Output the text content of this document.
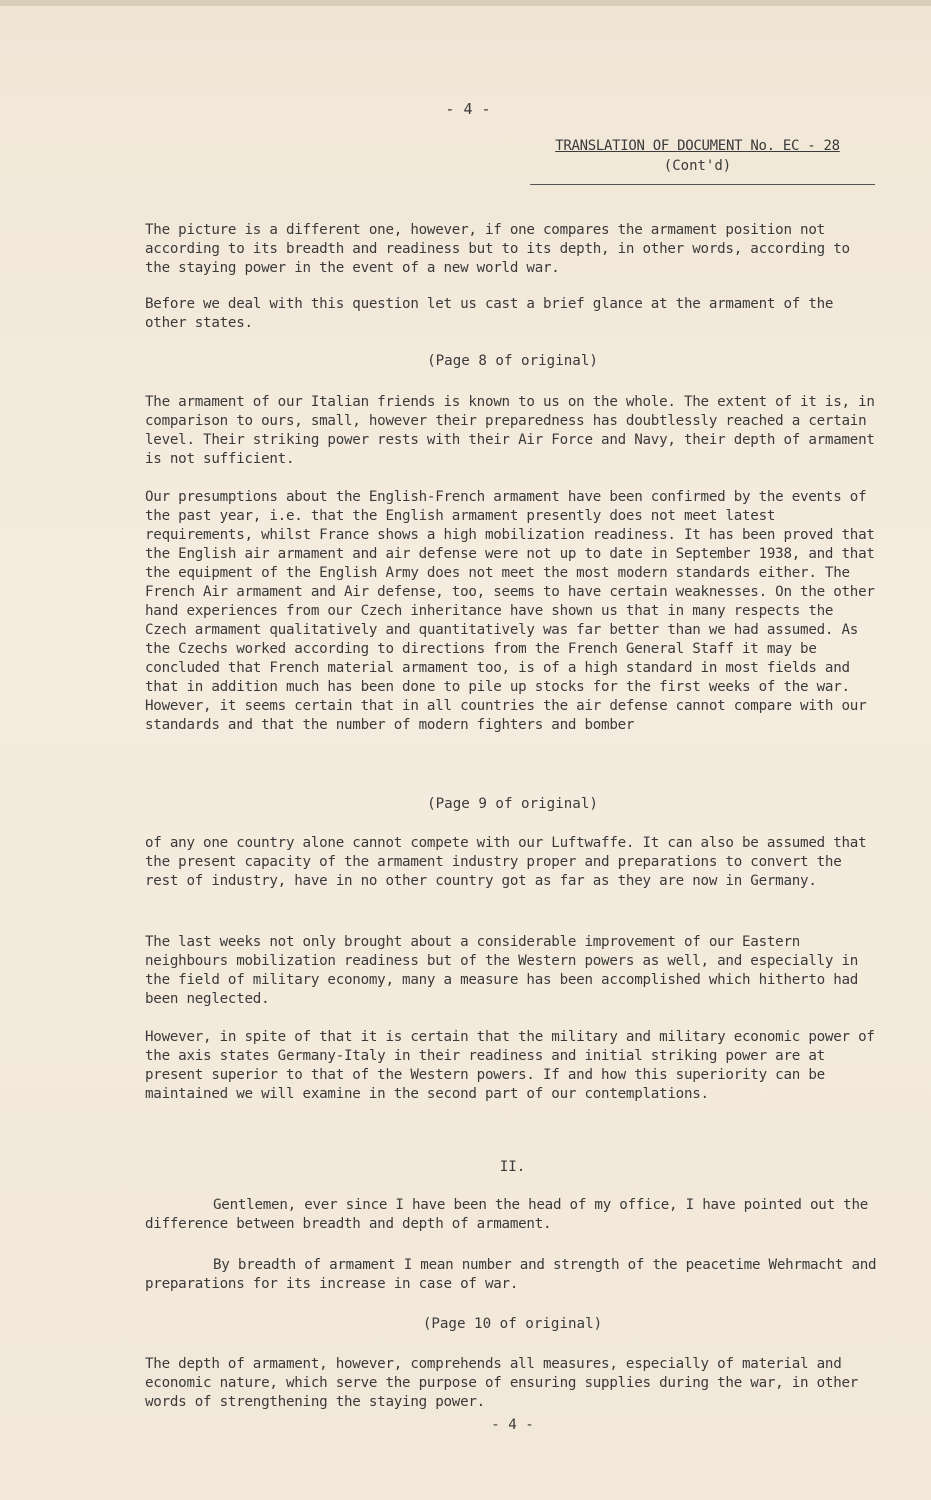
- 4 -
TRANSLATION OF DOCUMENT No. EC - 28
(Cont'd)

The picture is a different one, however, if one compares the armament position not according to its breadth and readiness but to its depth, in other words, according to the staying power in the event of a new world war.

Before we deal with this question let us cast a brief glance at the armament of the other states.

(Page 8 of original)

The armament of our Italian friends is known to us on the whole. The extent of it is, in comparison to ours, small, however their preparedness has doubtlessly reached a certain level. Their striking power rests with their Air Force and Navy, their depth of armament is not sufficient.

Our presumptions about the English-French armament have been confirmed by the events of the past year, i.e. that the English armament presently does not meet latest requirements, whilst France shows a high mobilization readiness. It has been proved that the English air armament and air defense were not up to date in September 1938, and that the equipment of the English Army does not meet the most modern standards either. The French Air armament and Air defense, too, seems to have certain weaknesses. On the other hand experiences from our Czech inheritance have shown us that in many respects the Czech armament qualitatively and quantitatively was far better than we had assumed. As the Czechs worked according to directions from the French General Staff it may be concluded that French material armament too, is of a high standard in most fields and that in addition much has been done to pile up stocks for the first weeks of the war. However, it seems certain that in all countries the air defense cannot compare with our standards and that the number of modern fighters and bomber

(Page 9 of original)

of any one country alone cannot compete with our Luftwaffe. It can also be assumed that the present capacity of the armament industry proper and preparations to convert the rest of industry, have in no other country got as far as they are now in Germany.

The last weeks not only brought about a considerable improvement of our Eastern neighbours mobilization readiness but of the Western powers as well, and especially in the field of military economy, many a measure has been accomplished which hitherto had been neglected.

However, in spite of that it is certain that the military and military economic power of the axis states Germany-Italy in their readiness and initial striking power are at present superior to that of the Western powers. If and how this superiority can be maintained we will examine in the second part of our contemplations.

II.

Gentlemen, ever since I have been the head of my office, I have pointed out the difference between breadth and depth of armament.

By breadth of armament I mean number and strength of the peacetime Wehrmacht and preparations for its increase in case of war.

(Page 10 of original)

The depth of armament, however, comprehends all measures, especially of material and economic nature, which serve the purpose of ensuring supplies during the war, in other words of strengthening the staying power.

- 4 -
